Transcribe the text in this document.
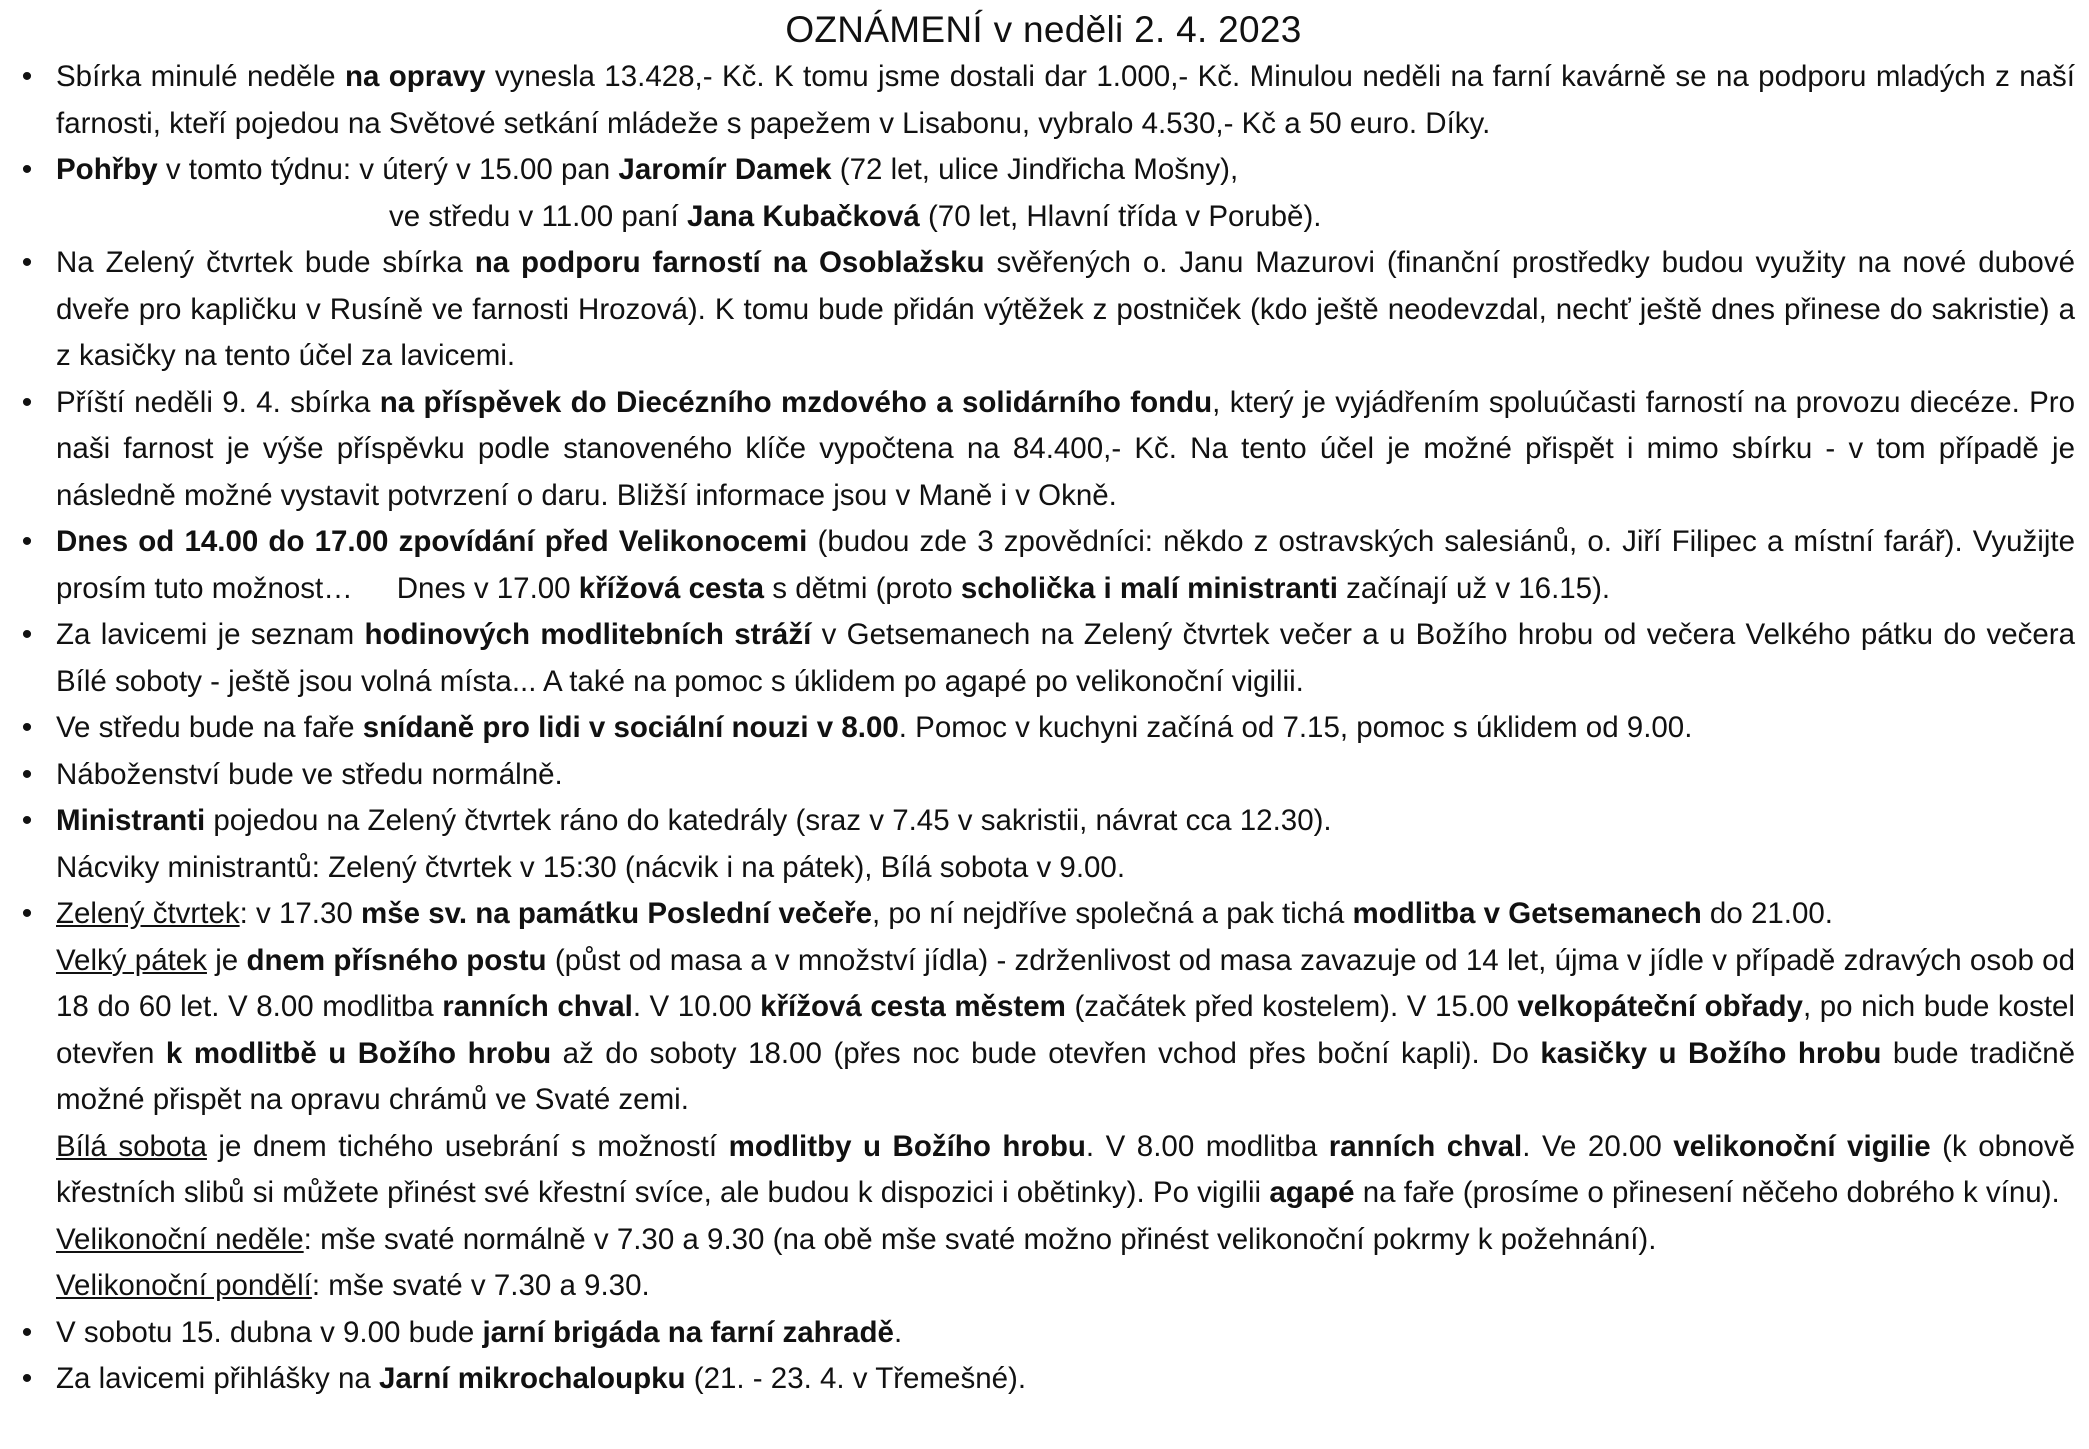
OZNÁMENÍ v neděli 2. 4. 2023
• Sbírka minulé neděle na opravy vynesla 13.428,- Kč. K tomu jsme dostali dar 1.000,- Kč. Minulou neděli na farní kavárně se na podporu mladých z naší farnosti, kteří pojedou na Světové setkání mládeže s papežem v Lisabonu, vybralo 4.530,- Kč a 50 euro. Díky.

• Pohřby v tomto týdnu: v úterý v 15.00 pan Jaromír Damek (72 let, ulice Jindřicha Mošny),

ve středu v 11.00 paní Jana Kubačková (70 let, Hlavní třída v Porubě).

• Na Zelený čtvrtek bude sbírka na podporu farností na Osoblažsku svěřených o. Janu Mazurovi (finanční prostředky budou využity na nové dubové dveře pro kapličku v Rusíně ve farnosti Hrozová). K tomu bude přidán výtěžek z postniček (kdo ještě neodevzdal, nechť ještě dnes přinese do sakristie) a z kasičky na tento účel za lavicemi.

• Příští neděli 9. 4. sbírka na příspěvek do Diecézního mzdového a solidárního fondu, který je vyjádřením spoluúčasti farností na provozu diecéze. Pro naši farnost je výše příspěvku podle stanoveného klíče vypočtena na 84.400,- Kč. Na tento účel je možné přispět i mimo sbírku - v tom případě je následně možné vystavit potvrzení o daru. Bližší informace jsou v Maně i v Okně.

• Dnes od 14.00 do 17.00 zpovídání před Velikonocemi (budou zde 3 zpovědníci: někdo z ostravských salesiánů, o. Jiří Filipec a místní farář). Využijte prosím tuto možnost… Dnes v 17.00 křížová cesta s dětmi (proto scholička i malí ministranti začínají už v 16.15).

• Za lavicemi je seznam hodinových modlitebních stráží v Getsemanech na Zelený čtvrtek večer a u Božího hrobu od večera Velkého pátku do večera Bílé soboty - ještě jsou volná místa... A také na pomoc s úklidem po agapé po velikonoční vigilii.

• Ve středu bude na faře snídaně pro lidi v sociální nouzi v 8.00. Pomoc v kuchyni začíná od 7.15, pomoc s úklidem od 9.00.

• Náboženství bude ve středu normálně.

• Ministranti pojedou na Zelený čtvrtek ráno do katedrály (sraz v 7.45 v sakristii, návrat cca 12.30).

Nácviky ministrantů: Zelený čtvrtek v 15:30 (nácvik i na pátek), Bílá sobota v 9.00.

• Zelený čtvrtek: v 17.30 mše sv. na památku Poslední večeře, po ní nejdříve společná a pak tichá modlitba v Getsemanech do 21.00.

Velký pátek je dnem přísného postu (půst od masa a v množství jídla) - zdrženlivost od masa zavazuje od 14 let, újma v jídle v případě zdravých osob od 18 do 60 let. V 8.00 modlitba ranních chval. V 10.00 křížová cesta městem (začátek před kostelem). V 15.00 velkopáteční obřady, po nich bude kostel otevřen k modlitbě u Božího hrobu až do soboty 18.00 (přes noc bude otevřen vchod přes boční kapli). Do kasičky u Božího hrobu bude tradičně možné přispět na opravu chrámů ve Svaté zemi.

Bílá sobota je dnem tichého usebrání s možností modlitby u Božího hrobu. V 8.00 modlitba ranních chval. Ve 20.00 velikonoční vigilie (k obnově křestních slibů si můžete přinést své křestní svíce, ale budou k dispozici i obětinky). Po vigilii agapé na faře (prosíme o přinesení něčeho dobrého k vínu).

Velikonoční neděle: mše svaté normálně v 7.30 a 9.30 (na obě mše svaté možno přinést velikonoční pokrmy k požehnání).

Velikonoční pondělí: mše svaté v 7.30 a 9.30.

• V sobotu 15. dubna v 9.00 bude jarní brigáda na farní zahradě.

• Za lavicemi přihlášky na Jarní mikrochaloupku (21. - 23. 4. v Třemešné).
